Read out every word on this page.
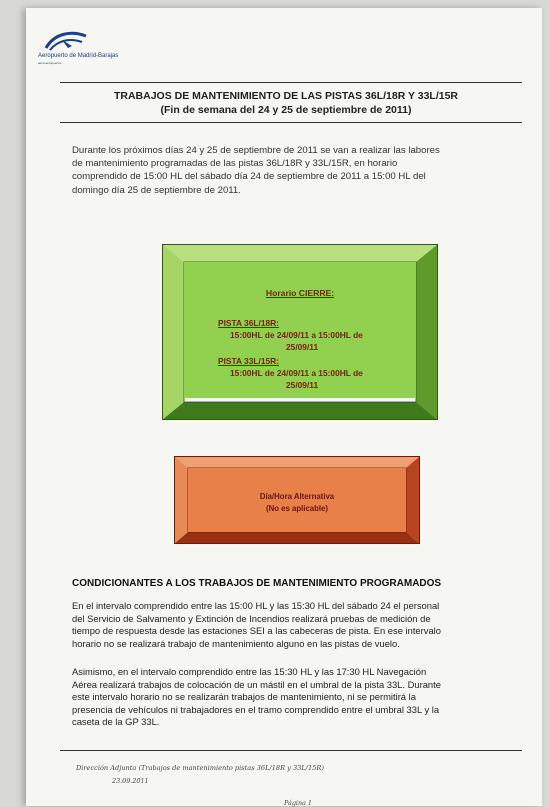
Aeropuerto de Madrid-Barajas
aena aeropuertos
TRABAJOS DE MANTENIMIENTO DE LAS PISTAS 36L/18R Y 33L/15R
(Fin de semana del 24 y 25 de septiembre de 2011)
Durante los próximos días 24 y 25 de septiembre de 2011 se van a realizar las labores
de mantenimiento programadas de las pistas 36L/18R y 33L/15R, en horario
comprendido de 15:00 HL del sábado día 24 de septiembre de 2011 a 15:00 HL del
domingo día 25 de septiembre de 2011.
Horario CIERRE:
PISTA 36L/18R:
15:00HL de 24/09/11 a 15:00HL de
25/09/11
PISTA 33L/15R:
15:00HL de 24/09/11 a 15:00HL de
25/09/11
Día/Hora Alternativa
(No es aplicable)
CONDICIONANTES A LOS TRABAJOS DE MANTENIMIENTO PROGRAMADOS
En el intervalo comprendido entre las 15:00 HL y las 15:30 HL del sábado 24 el personal
del Servicio de Salvamento y Extinción de Incendios realizará pruebas de medición de
tiempo de respuesta desde las estaciones SEI a las cabeceras de pista. En ese intervalo
horario no se realizará trabajo de mantenimiento alguno en las pistas de vuelo.
Asimismo, en el intervalo comprendido entre las 15:30 HL y las 17:30 HL Navegación
Aérea realizará trabajos de colocación de un mástil en el umbral de la pista 33L. Durante
este intervalo horario no se realizarán trabajos de mantenimiento, ni se permitirá la
presencia de vehículos ni trabajadores en el tramo comprendido entre el umbral 33L y la
caseta de la GP 33L.
Dirección Adjunta (Trabajos de mantenimiento pistas 36L/18R y 33L/15R)
23.09.2011
Página 1
